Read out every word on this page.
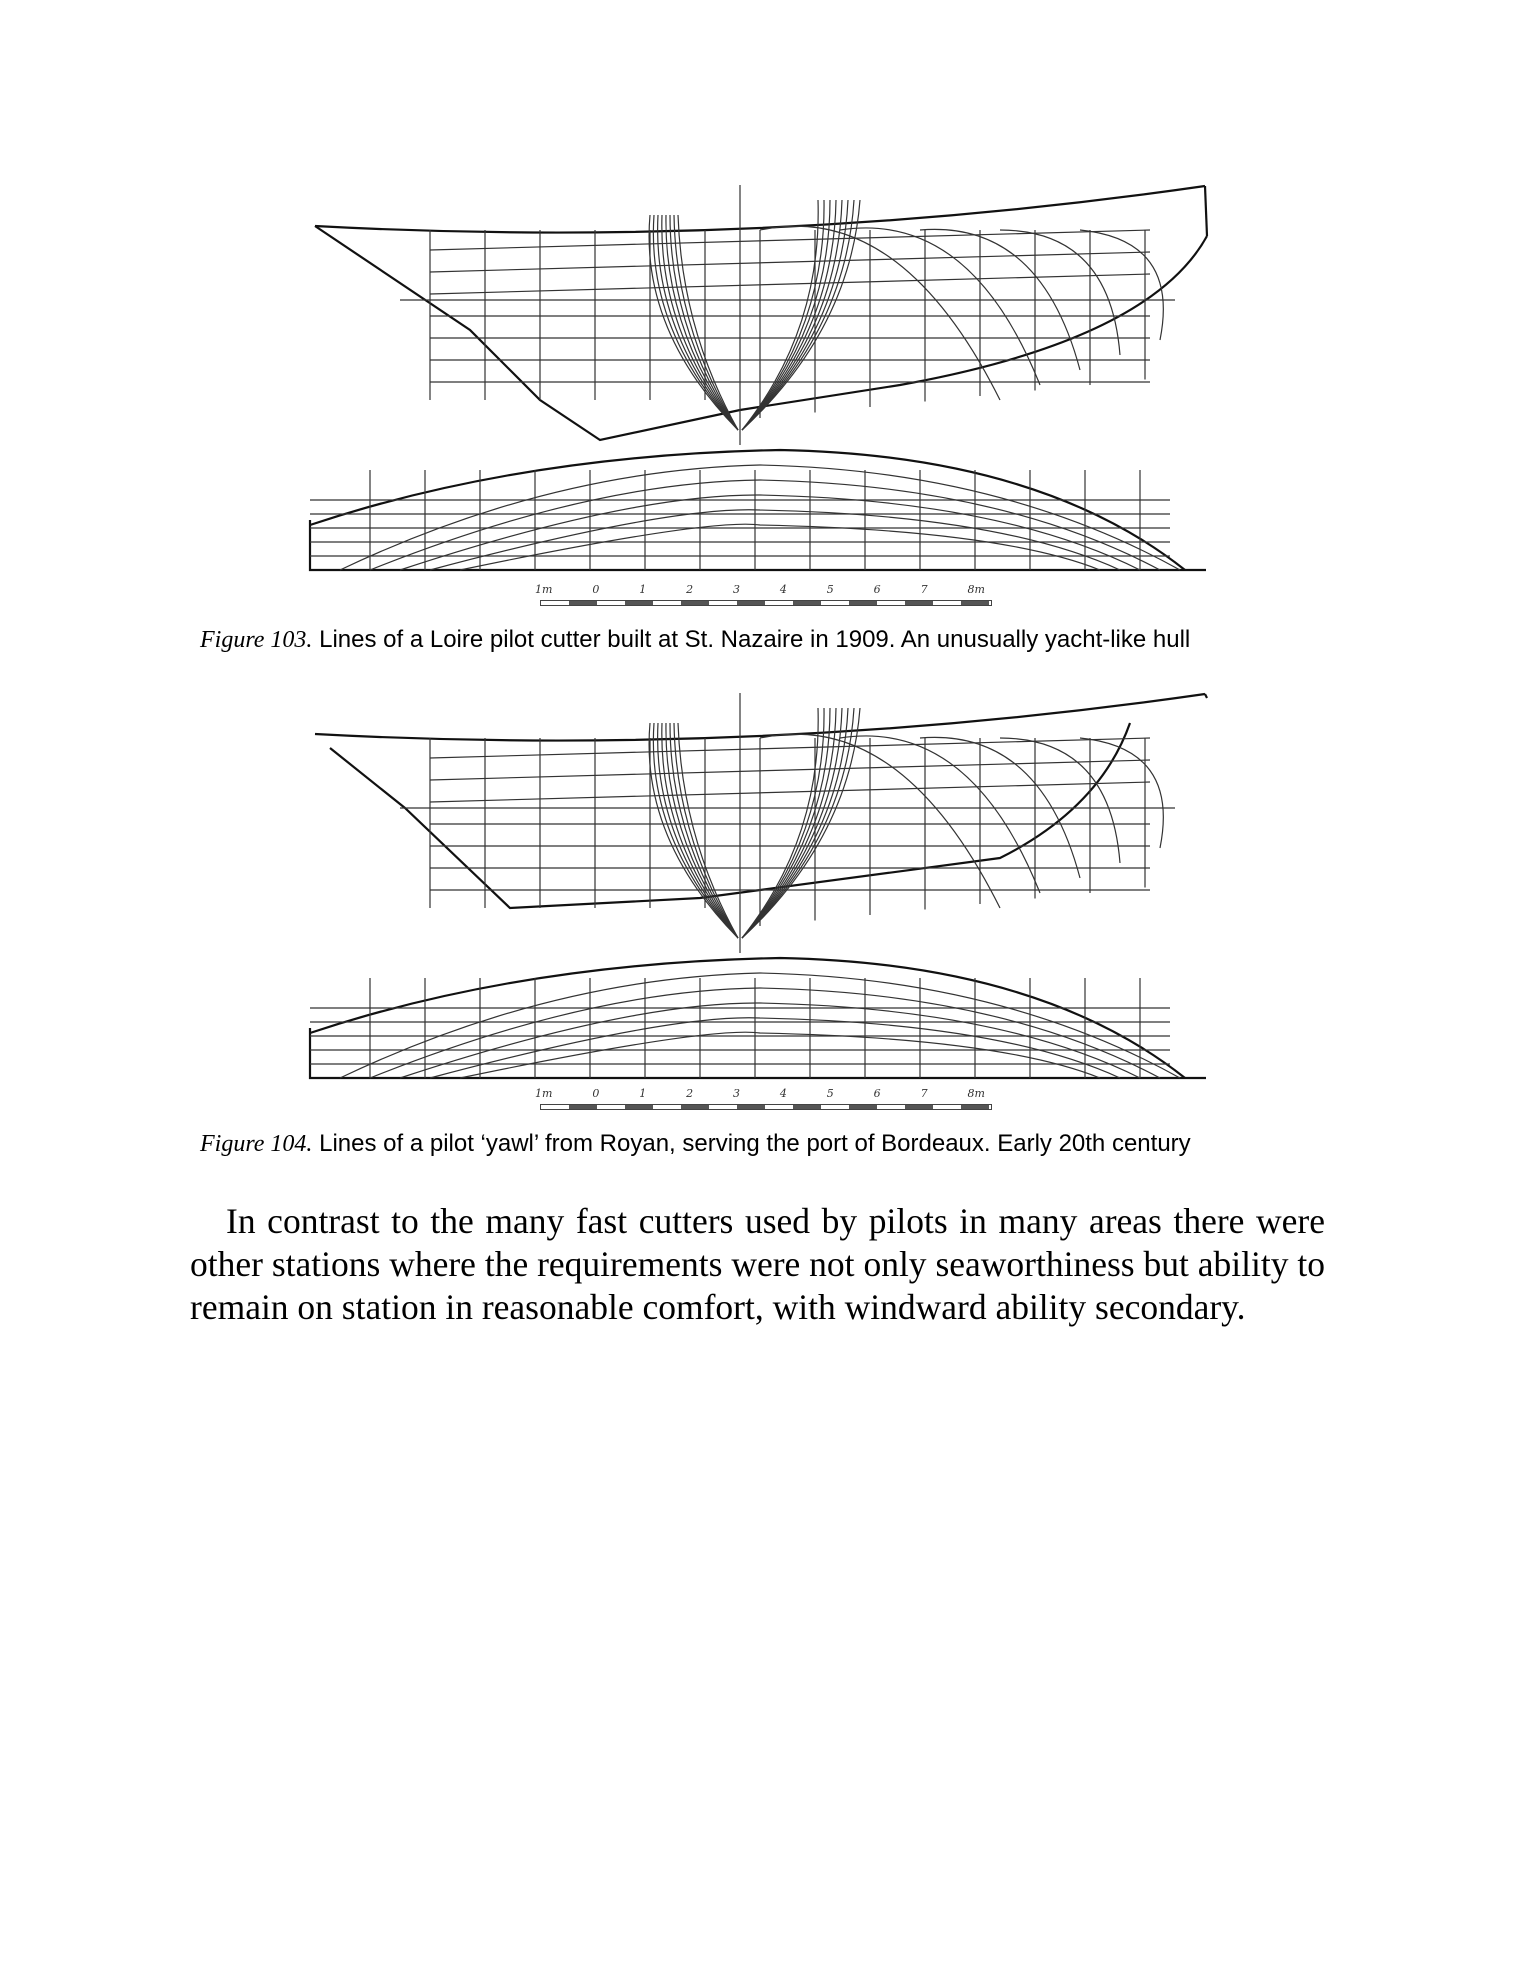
1m	0	1	2	3	4	5	6	7	8m
Figure 103. Lines of a Loire pilot cutter built at St. Nazaire in 1909. An unusually yacht-like hull
1m	0	1	2	3	4	5	6	7	8m
Figure 104. Lines of a pilot ‘yawl’ from Royan, serving the port of Bordeaux. Early 20th century
In contrast to the many fast cutters used by pilots in many areas there were other stations where the requirements were not only seaworthiness but ability to remain on station in reasonable comfort, with windward ability secondary.
